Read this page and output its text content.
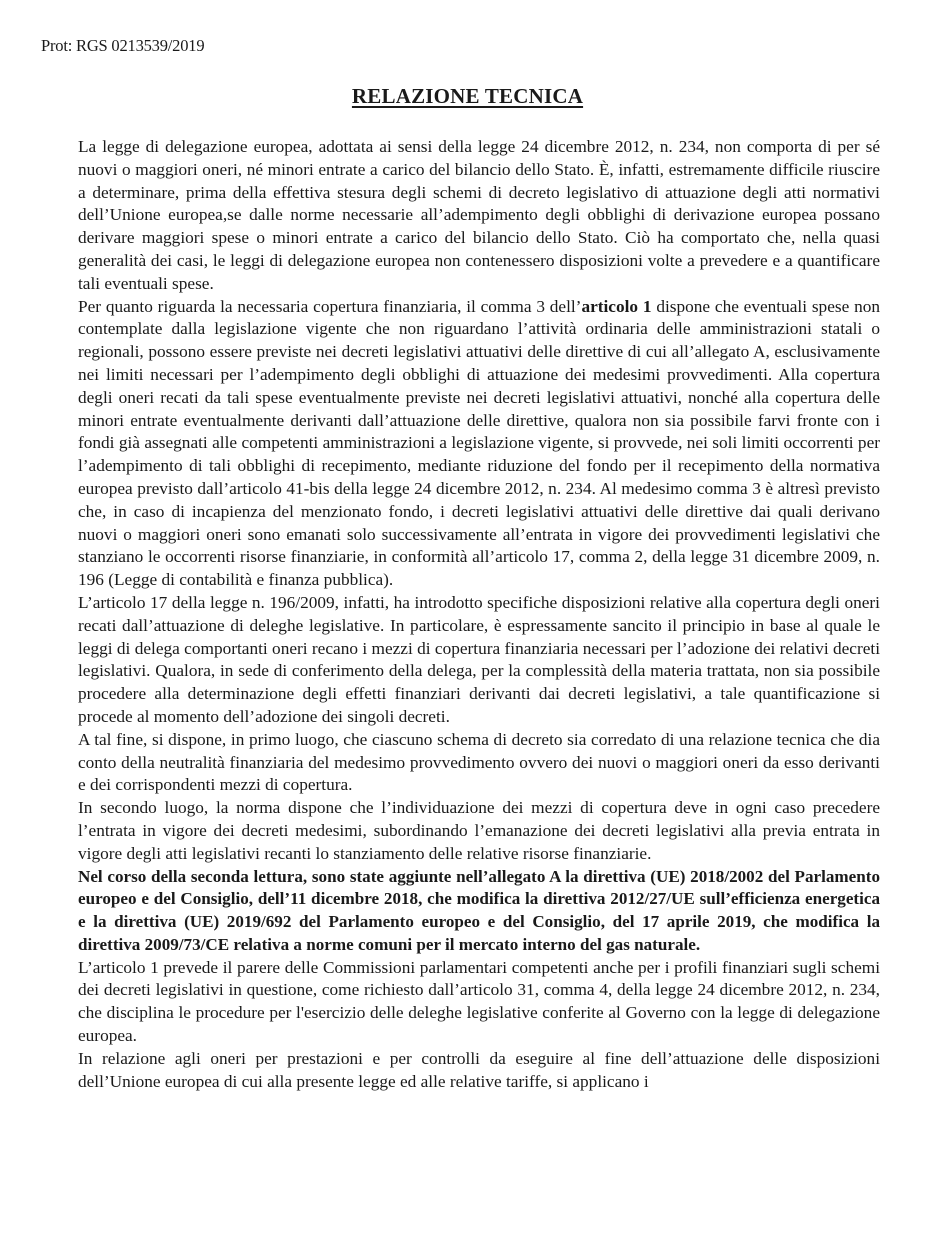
Prot: RGS 0213539/2019
RELAZIONE TECNICA

La legge di delegazione europea, adottata ai sensi della legge 24 dicembre 2012, n. 234, non comporta di per sé nuovi o maggiori oneri, né minori entrate a carico del bilancio dello Stato. È, infatti, estremamente difficile riuscire a determinare, prima della effettiva stesura degli schemi di decreto legislativo di attuazione degli atti normativi dell’Unione europea,se dalle norme necessarie all’adempimento degli obblighi di derivazione europea possano derivare maggiori spese o minori entrate a carico del bilancio dello Stato. Ciò ha comportato che, nella quasi generalità dei casi, le leggi di delegazione europea non contenessero disposizioni volte a prevedere e a quantificare tali eventuali spese.

Per quanto riguarda la necessaria copertura finanziaria, il comma 3 dell’articolo 1 dispone che eventuali spese non contemplate dalla legislazione vigente che non riguardano l’attività ordinaria delle amministrazioni statali o regionali, possono essere previste nei decreti legislativi attuativi delle direttive di cui all’allegato A, esclusivamente nei limiti necessari per l’adempimento degli obblighi di attuazione dei medesimi provvedimenti. Alla copertura degli oneri recati da tali spese eventualmente previste nei decreti legislativi attuativi, nonché alla copertura delle minori entrate eventualmente derivanti dall’attuazione delle direttive, qualora non sia possibile farvi fronte con i fondi già assegnati alle competenti amministrazioni a legislazione vigente, si provvede, nei soli limiti occorrenti per l’adempimento di tali obblighi di recepimento, mediante riduzione del fondo per il recepimento della normativa europea previsto dall’articolo 41-bis della legge 24 dicembre 2012, n. 234. Al medesimo comma 3 è altresì previsto che, in caso di incapienza del menzionato fondo, i decreti legislativi attuativi delle direttive dai quali derivano nuovi o maggiori oneri sono emanati solo successivamente all’entrata in vigore dei provvedimenti legislativi che stanziano le occorrenti risorse finanziarie, in conformità all’articolo 17, comma 2, della legge 31 dicembre 2009, n. 196 (Legge di contabilità e finanza pubblica).

L’articolo 17 della legge n. 196/2009, infatti, ha introdotto specifiche disposizioni relative alla copertura degli oneri recati dall’attuazione di deleghe legislative. In particolare, è espressamente sancito il principio in base al quale le leggi di delega comportanti oneri recano i mezzi di copertura finanziaria necessari per l’adozione dei relativi decreti legislativi. Qualora, in sede di conferimento della delega, per la complessità della materia trattata, non sia possibile procedere alla determinazione degli effetti finanziari derivanti dai decreti legislativi, a tale quantificazione si procede al momento dell’adozione dei singoli decreti.

A tal fine, si dispone, in primo luogo, che ciascuno schema di decreto sia corredato di una relazione tecnica che dia conto della neutralità finanziaria del medesimo provvedimento ovvero dei nuovi o maggiori oneri da esso derivanti e dei corrispondenti mezzi di copertura.

In secondo luogo, la norma dispone che l’individuazione dei mezzi di copertura deve in ogni caso precedere l’entrata in vigore dei decreti medesimi, subordinando l’emanazione dei decreti legislativi alla previa entrata in vigore degli atti legislativi recanti lo stanziamento delle relative risorse finanziarie.

Nel corso della seconda lettura, sono state aggiunte nell’allegato A la direttiva (UE) 2018/2002 del Parlamento europeo e del Consiglio, dell’11 dicembre 2018, che modifica la direttiva 2012/27/UE sull’efficienza energetica e la direttiva (UE) 2019/692 del Parlamento europeo e del Consiglio, del 17 aprile 2019, che modifica la direttiva 2009/73/CE relativa a norme comuni per il mercato interno del gas naturale.

L’articolo 1 prevede il parere delle Commissioni parlamentari competenti anche per i profili finanziari sugli schemi dei decreti legislativi in questione, come richiesto dall’articolo 31, comma 4, della legge 24 dicembre 2012, n. 234, che disciplina le procedure per l'esercizio delle deleghe legislative conferite al Governo con la legge di delegazione europea.

In relazione agli oneri per prestazioni e per controlli da eseguire al fine dell’attuazione delle disposizioni dell’Unione europea di cui alla presente legge ed alle relative tariffe, si applicano i
